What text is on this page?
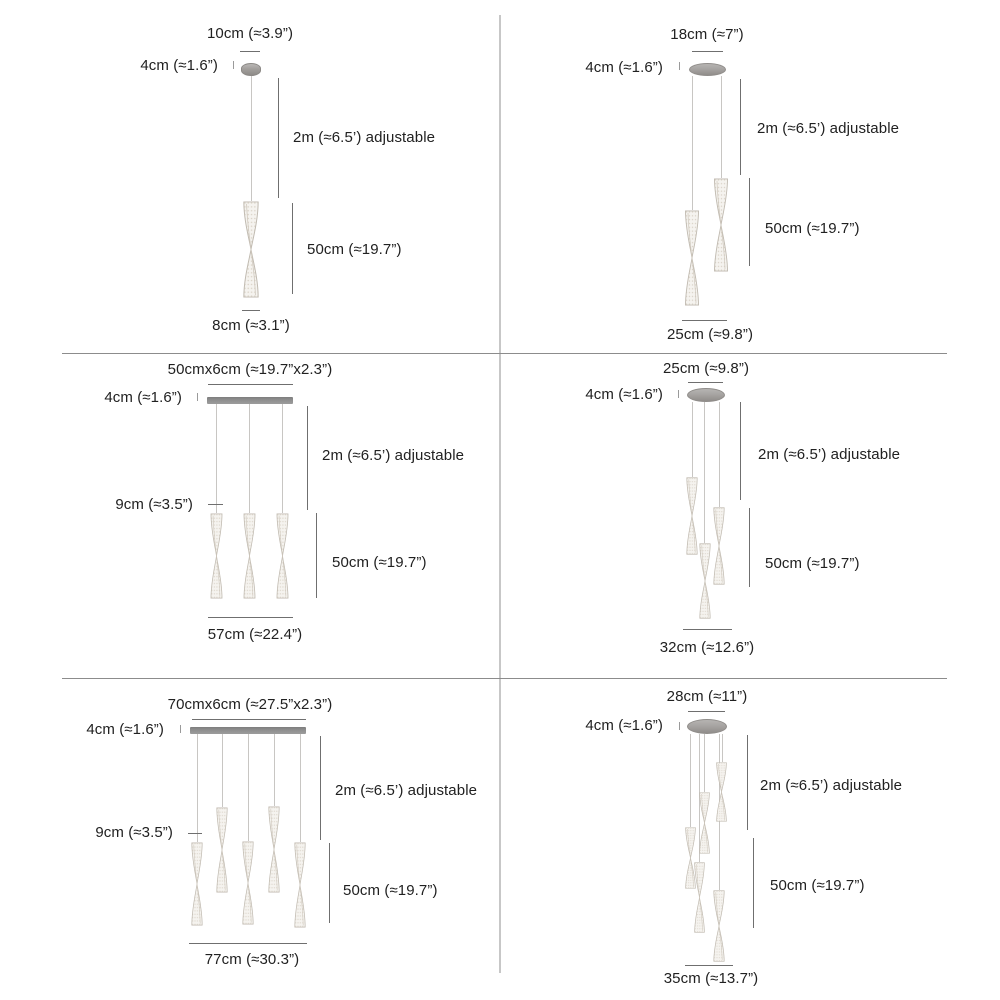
10cm (≈3.9”)
4cm (≈1.6”)
2m (≈6.5’) adjustable
50cm (≈19.7”)
8cm (≈3.1”)
18cm (≈7”)
4cm (≈1.6”)
2m (≈6.5’) adjustable
50cm (≈19.7”)
25cm (≈9.8”)
50cmx6cm (≈19.7”x2.3”)
4cm (≈1.6”)
2m (≈6.5’) adjustable
9cm (≈3.5”)
50cm (≈19.7”)
57cm (≈22.4”)
25cm (≈9.8”)
4cm (≈1.6”)
2m (≈6.5’) adjustable
50cm (≈19.7”)
32cm (≈12.6”)
70cmx6cm (≈27.5”x2.3”)
4cm (≈1.6”)
2m (≈6.5’) adjustable
9cm (≈3.5”)
50cm (≈19.7”)
77cm (≈30.3”)
28cm (≈11”)
4cm (≈1.6”)
2m (≈6.5’) adjustable
50cm (≈19.7”)
35cm (≈13.7”)
